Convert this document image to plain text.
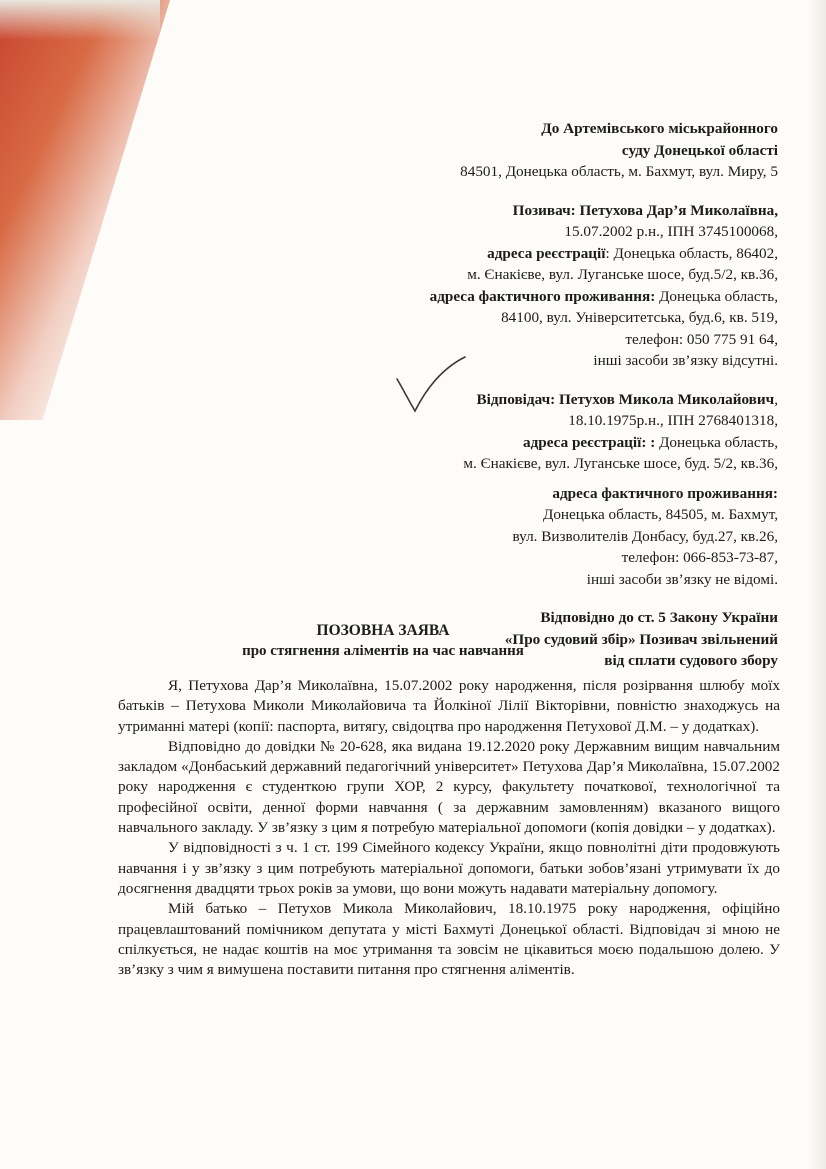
До Артемівського міськрайонного
суду Донецької області
84501, Донецька область, м. Бахмут, вул. Миру, 5
Позивач: Петухова Дар’я Миколаївна,
15.07.2002 р.н., ІПН 3745100068,
адреса реєстрації: Донецька область, 86402,
м. Єнакієве, вул. Луганське шосе, буд.5/2, кв.36,
адреса фактичного проживання: Донецька область,
84100, вул. Університетська, буд.6, кв. 519,
телефон: 050 775 91 64,
інші засоби зв’язку відсутні.
Відповідач: Петухов Микола Миколайович,
18.10.1975р.н., ІПН 2768401318,
адреса реєстрації: : Донецька область,
м. Єнакієве, вул. Луганське шосе, буд. 5/2, кв.36,
адреса фактичного проживання:
Донецька область, 84505, м. Бахмут,
вул. Визволителів Донбасу, буд.27, кв.26,
телефон: 066-853-73-87,
інші засоби зв’язку не відомі.
Відповідно до ст. 5 Закону України
«Про судовий збір» Позивач звільнений
від сплати судового збору
ПОЗОВНА ЗАЯВА
про стягнення аліментів на час навчання

Я, Петухова Дар’я Миколаївна, 15.07.2002 року народження, після розірвання шлюбу моїх батьків – Петухова Миколи Миколайовича та Йолкіної Лілії Вікторівни, повністю знаходжусь на утриманні матері (копії: паспорта, витягу, свідоцтва про народження Петухової Д.М. – у додатках).

Відповідно до довідки № 20-628, яка видана 19.12.2020 року Державним вищим навчальним закладом «Донбаський державний педагогічний університет» Петухова Дар’я Миколаївна, 15.07.2002 року народження є студенткою групи ХОР, 2 курсу, факультету початкової, технологічної та професійної освіти, денної форми навчання ( за державним замовленням) вказаного вищого навчального закладу. У зв’язку з цим я потребую матеріальної допомоги (копія довідки – у додатках).

У відповідності з ч. 1 ст. 199 Сімейного кодексу України, якщо повнолітні діти продовжують навчання і у зв’язку з цим потребують матеріальної допомоги, батьки зобов’язані утримувати їх до досягнення двадцяти трьох років за умови, що вони можуть надавати матеріальну допомогу.

Мій батько – Петухов Микола Миколайович, 18.10.1975 року народження, офіційно працевлаштований помічником депутата у місті Бахмуті Донецької області. Відповідач зі мною не спілкується, не надає коштів на моє утримання та зовсім не цікавиться моєю подальшою долею. У зв’язку з чим я вимушена поставити питання про стягнення аліментів.
